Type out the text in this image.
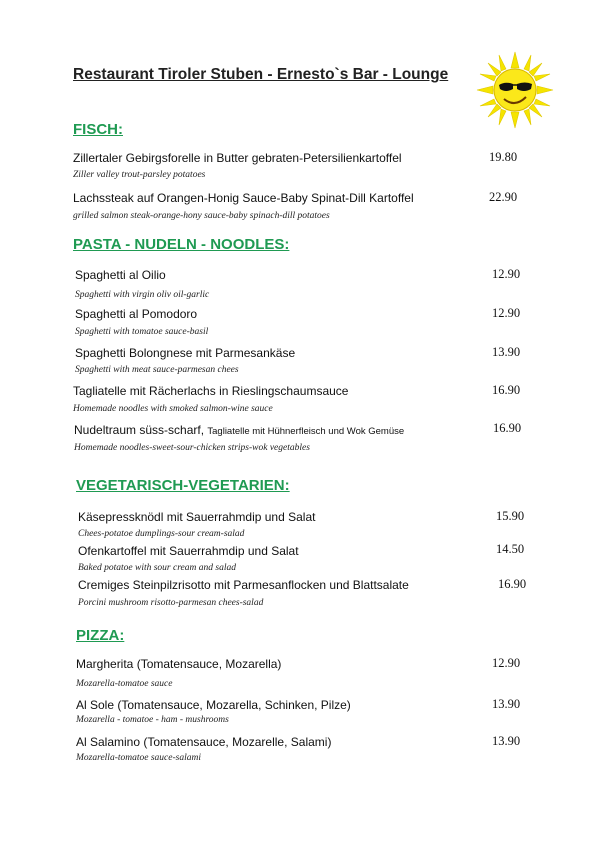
Restaurant Tiroler Stuben - Ernesto`s Bar - Lounge
FISCH:
Zillertaler Gebirgsforelle in Butter gebraten-Petersilienkartoffel	19.80
Ziller valley trout-parsley potatoes
Lachssteak auf Orangen-Honig Sauce-Baby Spinat-Dill Kartoffel	22.90
grilled salmon steak-orange-hony sauce-baby spinach-dill potatoes
PASTA - NUDELN - NOODLES:
Spaghetti al Oilio	12.90
Spaghetti with virgin oliv oil-garlic
Spaghetti al Pomodoro	12.90
Spaghetti with tomatoe sauce-basil
Spaghetti Bolongnese mit Parmesankäse	13.90
Spaghetti with meat sauce-parmesan chees
Tagliatelle mit Rächerlachs in Rieslingschaumsauce	16.90
Homemade noodles with smoked salmon-wine sauce
Nudeltraum süss-scharf, Tagliatelle mit Hühnerfleisch und Wok Gemüse	16.90
Homemade noodles-sweet-sour-chicken strips-wok vegetables
VEGETARISCH-VEGETARIEN:
Käsepressknödl mit Sauerrahmdip und Salat	15.90
Chees-potatoe dumplings-sour cream-salad
Ofenkartoffel mit Sauerrahmdip und Salat	14.50
Baked potatoe with sour cream and salad
Cremiges Steinpilzrisotto mit Parmesanflocken und Blattsalate	16.90
Porcini mushroom risotto-parmesan chees-salad
PIZZA:
Margherita (Tomatensauce, Mozarella)	12.90
Mozarella-tomatoe sauce
Al Sole (Tomatensauce, Mozarella, Schinken, Pilze)	13.90
Mozarella - tomatoe - ham - mushrooms
Al Salamino (Tomatensauce, Mozarelle, Salami)	13.90
Mozarella-tomatoe sauce-salami
